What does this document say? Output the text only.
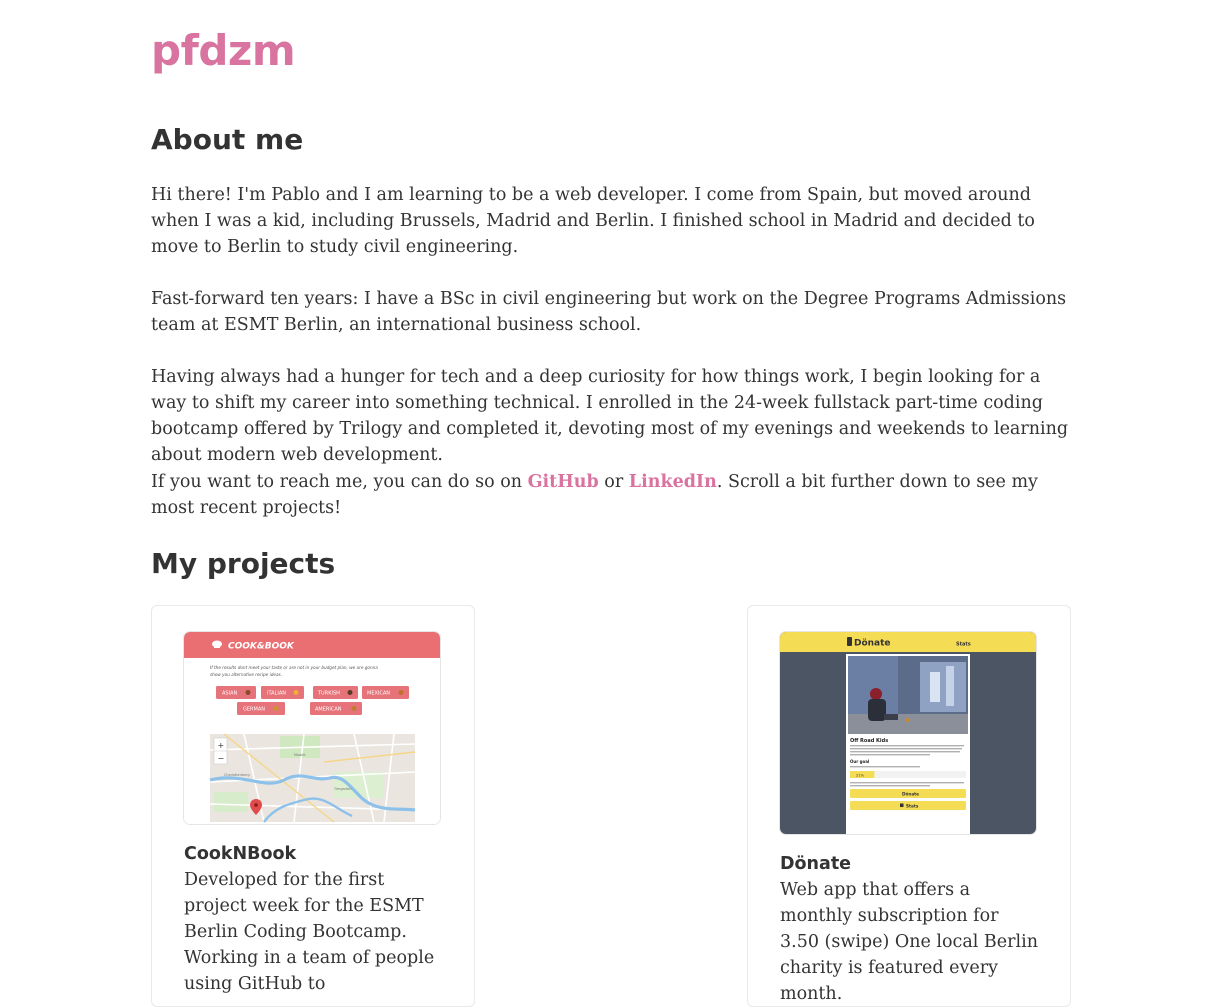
pfdzm
About me

Hi there! I'm Pablo and I am learning to be a web developer. I come from Spain, but moved around when I was a kid, including Brussels, Madrid and Berlin. I finished school in Madrid and decided to move to Berlin to study civil engineering.

Fast-forward ten years: I have a BSc in civil engineering but work on the Degree Programs Admissions team at ESMT Berlin, an international business school.

Having always had a hunger for tech and a deep curiosity for how things work, I begin looking for a way to shift my career into something technical. I enrolled in the 24-week fullstack part-time coding bootcamp offered by Trilogy and completed it, devoting most of my evenings and weekends to learning about modern web development.

If you want to reach me, you can do so on GitHub or LinkedIn. Scroll a bit further down to see my most recent projects!

My projects
COOK&BOOK
If the results dont meet your taste or are not in your budget plan, we are gonna
show you alternative recipe ideas.
ASIAN	ITALIAN	TURKISH	MEXICAN
GERMAN	AMERICAN
Tiergarten
Moabit
Charlottenburg
+
−
CookNBook

Developed for the first project week for the ESMT Berlin Coding Bootcamp. Working in a team of people using GitHub to

Dönate	Stats
Off Road Kids
Our goal
21%
Dönate
Stats
Dönate

Web app that offers a monthly subscription for 3.50 (swipe) One local Berlin charity is featured every month.
